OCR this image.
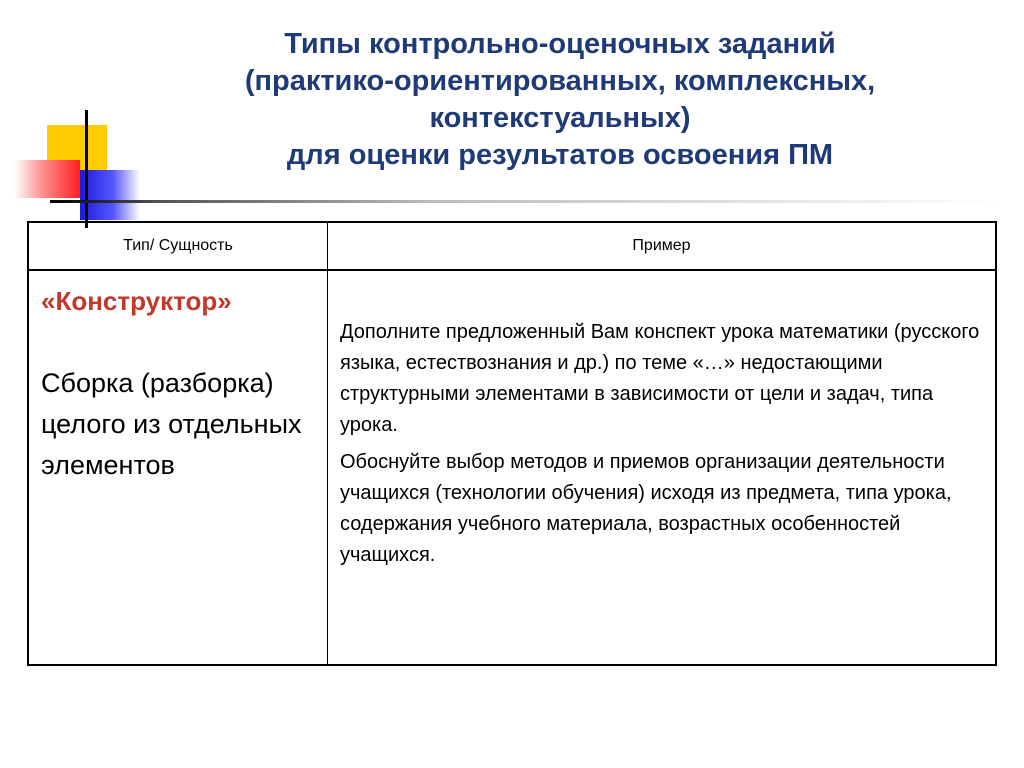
Типы контрольно-оценочных заданий
(практико-ориентированных, комплексных,
контекстуальных)
для оценки результатов освоения ПМ
Тип/ Сущность	Пример

«Конструктор»

Сборка (разборка) целого из отдельных элементов

Дополните предложенный Вам конспект урока математики (русского языка, естествознания и др.) по теме «…» недостающими структурными элементами в зависимости от цели и задач, типа урока.

Обоснуйте выбор методов и приемов организации деятельности учащихся (технологии обучения) исходя из предмета, типа урока, содержания учебного материала, возрастных особенностей учащихся.
